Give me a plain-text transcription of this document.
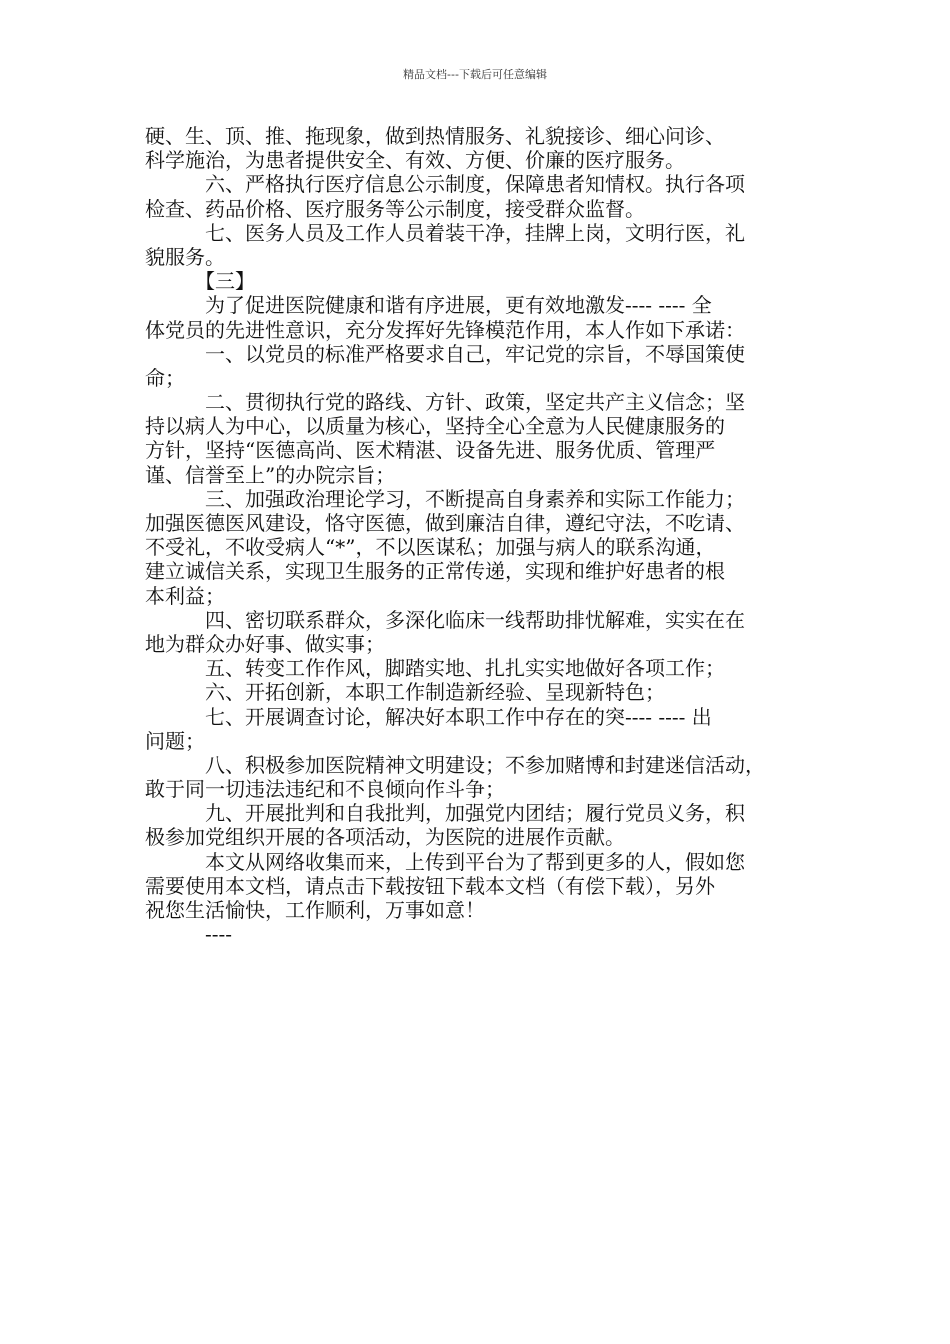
精品文档---下载后可任意编辑
硬、生、顶、推、拖现象，做到热情服务、礼貌接诊、细心问诊、
科学施治，为患者提供安全、有效、方便、价廉的医疗服务。
六、严格执行医疗信息公示制度，保障患者知情权。执行各项
检查、药品价格、医疗服务等公示制度，接受群众监督。
七、医务人员及工作人员着装干净，挂牌上岗，文明行医，礼
貌服务。
【三】
为了促进医院健康和谐有序进展，更有效地激发---- ---- 全
体党员的先进性意识，充分发挥好先锋模范作用，本人作如下承诺：
一、以党员的标准严格要求自己，牢记党的宗旨，不辱国策使
命；
二、贯彻执行党的路线、方针、政策，坚定共产主义信念；坚
持以病人为中心，以质量为核心，坚持全心全意为人民健康服务的
方针，坚持“医德高尚、医术精湛、设备先进、服务优质、管理严
谨、信誉至上”的办院宗旨；
三、加强政治理论学习，不断提高自身素养和实际工作能力；
加强医德医风建设，恪守医德，做到廉洁自律，遵纪守法，不吃请、
不受礼，不收受病人“*”，不以医谋私；加强与病人的联系沟通，
建立诚信关系，实现卫生服务的正常传递，实现和维护好患者的根
本利益；
四、密切联系群众，多深化临床一线帮助排忧解难，实实在在
地为群众办好事、做实事；
五、转变工作作风，脚踏实地、扎扎实实地做好各项工作；
六、开拓创新，本职工作制造新经验、呈现新特色；
七、开展调查讨论，解决好本职工作中存在的突---- ---- 出
问题；
八、积极参加医院精神文明建设；不参加赌博和封建迷信活动，
敢于同一切违法违纪和不良倾向作斗争；
九、开展批判和自我批判，加强党内团结；履行党员义务，积
极参加党组织开展的各项活动，为医院的进展作贡献。
本文从网络收集而来，上传到平台为了帮到更多的人，假如您
需要使用本文档，请点击下载按钮下载本文档（有偿下载），另外
祝您生活愉快，工作顺利，万事如意！
----
